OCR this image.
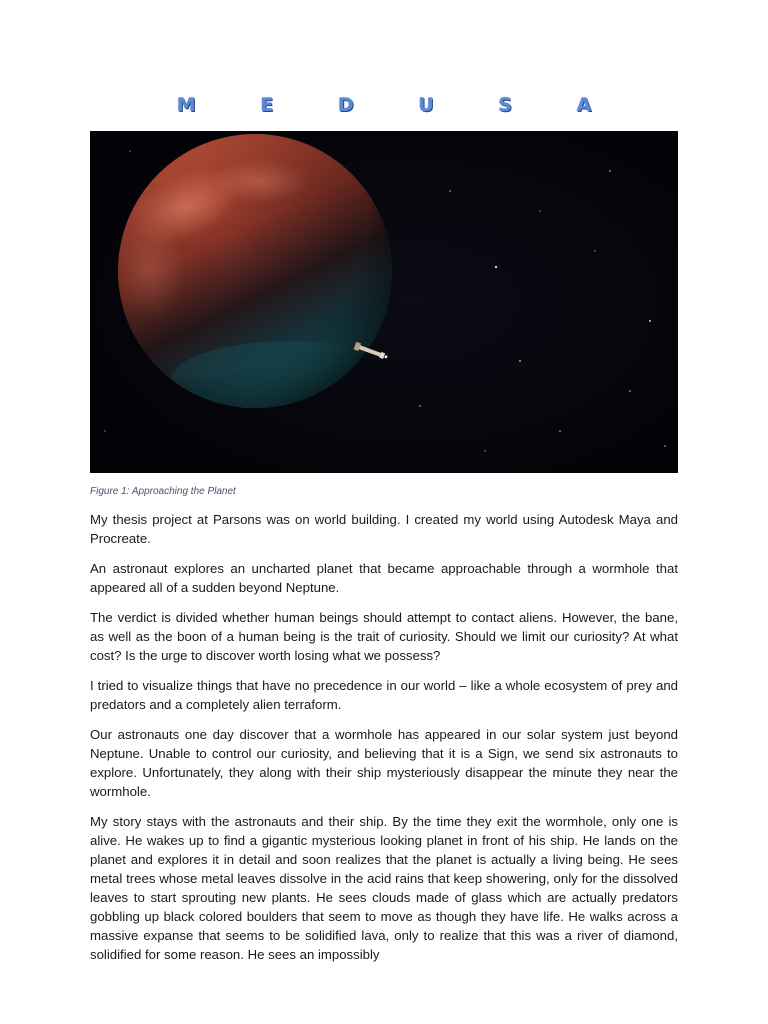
M E D U S A
Figure 1: Approaching the Planet

My thesis project at Parsons was on world building. I created my world using Autodesk Maya and Procreate.

An astronaut explores an uncharted planet that became approachable through a wormhole that appeared all of a sudden beyond Neptune.

The verdict is divided whether human beings should attempt to contact aliens. However, the bane, as well as the boon of a human being is the trait of curiosity. Should we limit our curiosity? At what cost? Is the urge to discover worth losing what we possess?

I tried to visualize things that have no precedence in our world – like a whole ecosystem of prey and predators and a completely alien terraform.

Our astronauts one day discover that a wormhole has appeared in our solar system just beyond Neptune. Unable to control our curiosity, and believing that it is a Sign, we send six astronauts to explore. Unfortunately, they along with their ship mysteriously disappear the minute they near the wormhole.

My story stays with the astronauts and their ship. By the time they exit the wormhole, only one is alive. He wakes up to find a gigantic mysterious looking planet in front of his ship. He lands on the planet and explores it in detail and soon realizes that the planet is actually a living being. He sees metal trees whose metal leaves dissolve in the acid rains that keep showering, only for the dissolved leaves to start sprouting new plants. He sees clouds made of glass which are actually predators gobbling up black colored boulders that seem to move as though they have life. He walks across a massive expanse that seems to be solidified lava, only to realize that this was a river of diamond, solidified for some reason. He sees an impossibly
